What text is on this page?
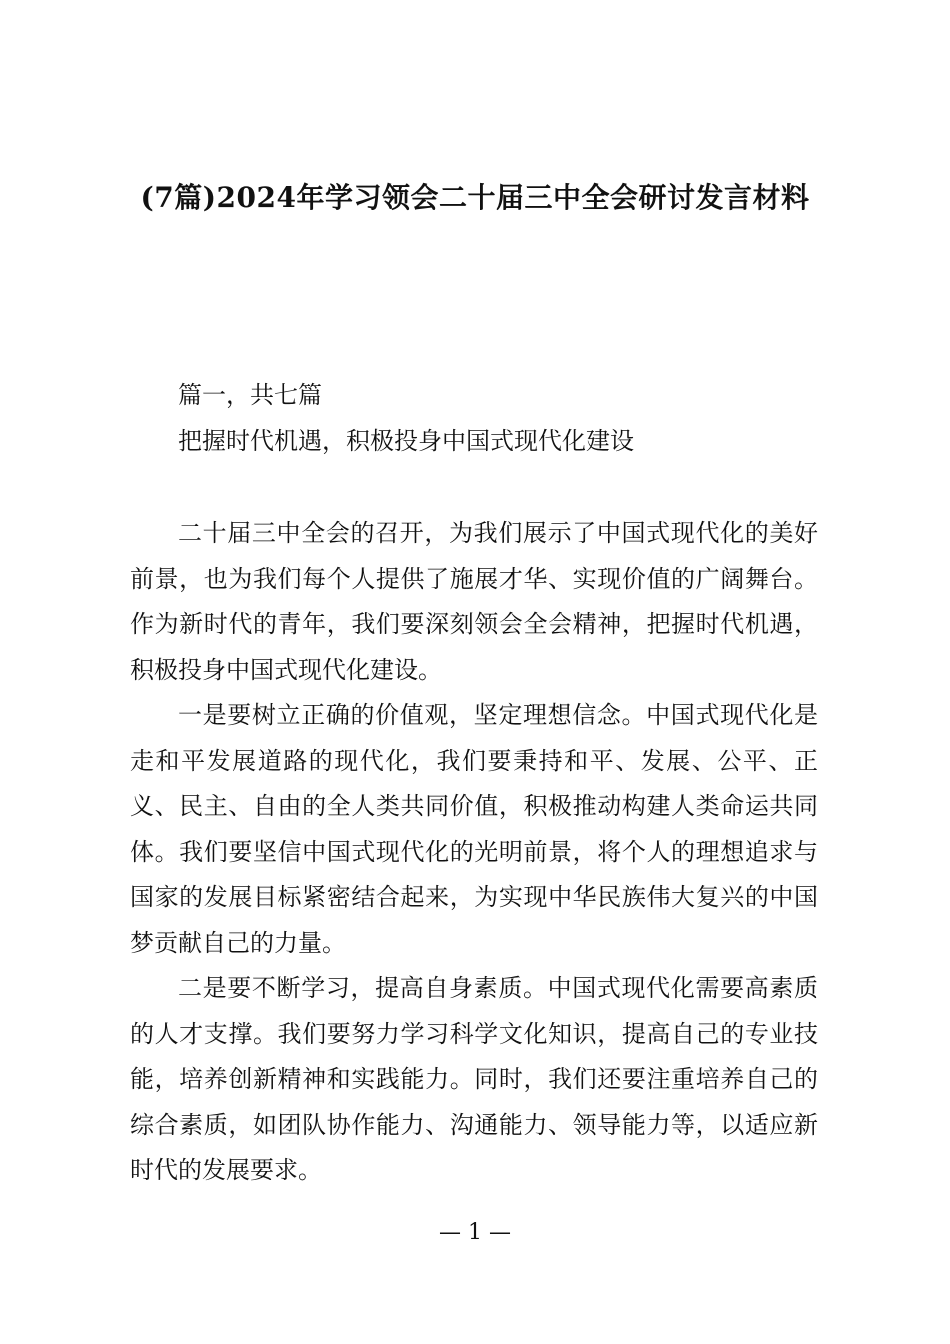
(7篇)2024年学习领会二十届三中全会研讨发言材料
篇一，共七篇
把握时代机遇，积极投身中国式现代化建设

二十届三中全会的召开，为我们展示了中国式现代化的美好前景，也为我们每个人提供了施展才华、实现价值的广阔舞台。作为新时代的青年，我们要深刻领会全会精神，把握时代机遇，积极投身中国式现代化建设。

一是要树立正确的价值观，坚定理想信念。中国式现代化是走和平发展道路的现代化，我们要秉持和平、发展、公平、正义、民主、自由的全人类共同价值，积极推动构建人类命运共同体。我们要坚信中国式现代化的光明前景，将个人的理想追求与国家的发展目标紧密结合起来，为实现中华民族伟大复兴的中国梦贡献自己的力量。

二是要不断学习，提高自身素质。中国式现代化需要高素质的人才支撑。我们要努力学习科学文化知识，提高自己的专业技能，培养创新精神和实践能力。同时，我们还要注重培养自己的综合素质，如团队协作能力、沟通能力、领导能力等，以适应新时代的发展要求。

— 1 —
